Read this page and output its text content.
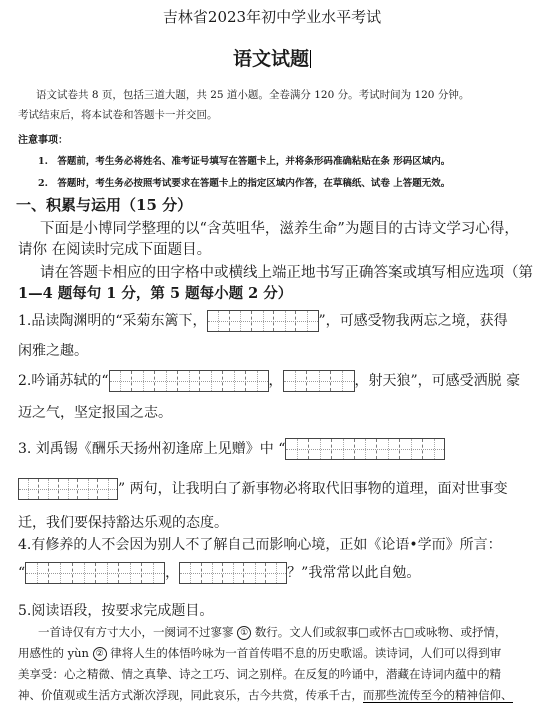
吉林省2023年初中学业水平考试
语文试题
语文试卷共 8 页，包括三道大题，共 25 道小题。全卷满分 120 分。考试时间为 120 分钟。
考试结束后，将本试卷和答题卡一并交回。
注意事项：
1.　答题前，考生务必将姓名、准考证号填写在答题卡上，并将条形码准确粘贴在条 形码区域内。
2.　答题时，考生务必按照考试要求在答题卡上的指定区域内作答，在草稿纸、试卷 上答题无效。
一、积累与运用（15 分）
下面是小博同学整理的以“含英咀华，滋养生命”为题目的古诗文学习心得，
请你 在阅读时完成下面题目。
请在答题卡相应的田字格中或横线上端正地书写正确答案或填写相应选项（第
1—4 题每句 1 分，第 5 题每小题 2 分）
1.品读陶渊明的“采菊东篱下，	”，可感受物我两忘之境，获得
闲雅之趣。
2.吟诵苏轼的“	，	，射天狼”，可感受洒脱 豪
迈之气，坚定报国之志。
3. 刘禹锡《酬乐天扬州初逢席上见赠》中 “
” 两句，让我明白了新事物必将取代旧事物的道理，面对世事变
迁，我们要保持豁达乐观的态度。
4.有修养的人不会因为别人不了解自己而影响心境，正如《论语•学而》所言：
“	，	？”我常常以此自勉。
5.阅读语段，按要求完成题目。
一首诗仅有方寸大小，一阕词不过寥寥 ① 数行。文人们或叙事□或怀古□或咏物、或抒情，
用感性的 yùn ② 律将人生的体悟吟咏为一首首传唱不息的历史歌谣。读诗词，人们可以得到审
美享受：心之精微、情之真挚、诗之工巧、词之别样。在反复的吟诵中，潜藏在诗词内蕴中的精
神、价值观或生活方式渐次浮现，同此哀乐，古今共赏，传承千古，而那些流传至今的精神信仰、
